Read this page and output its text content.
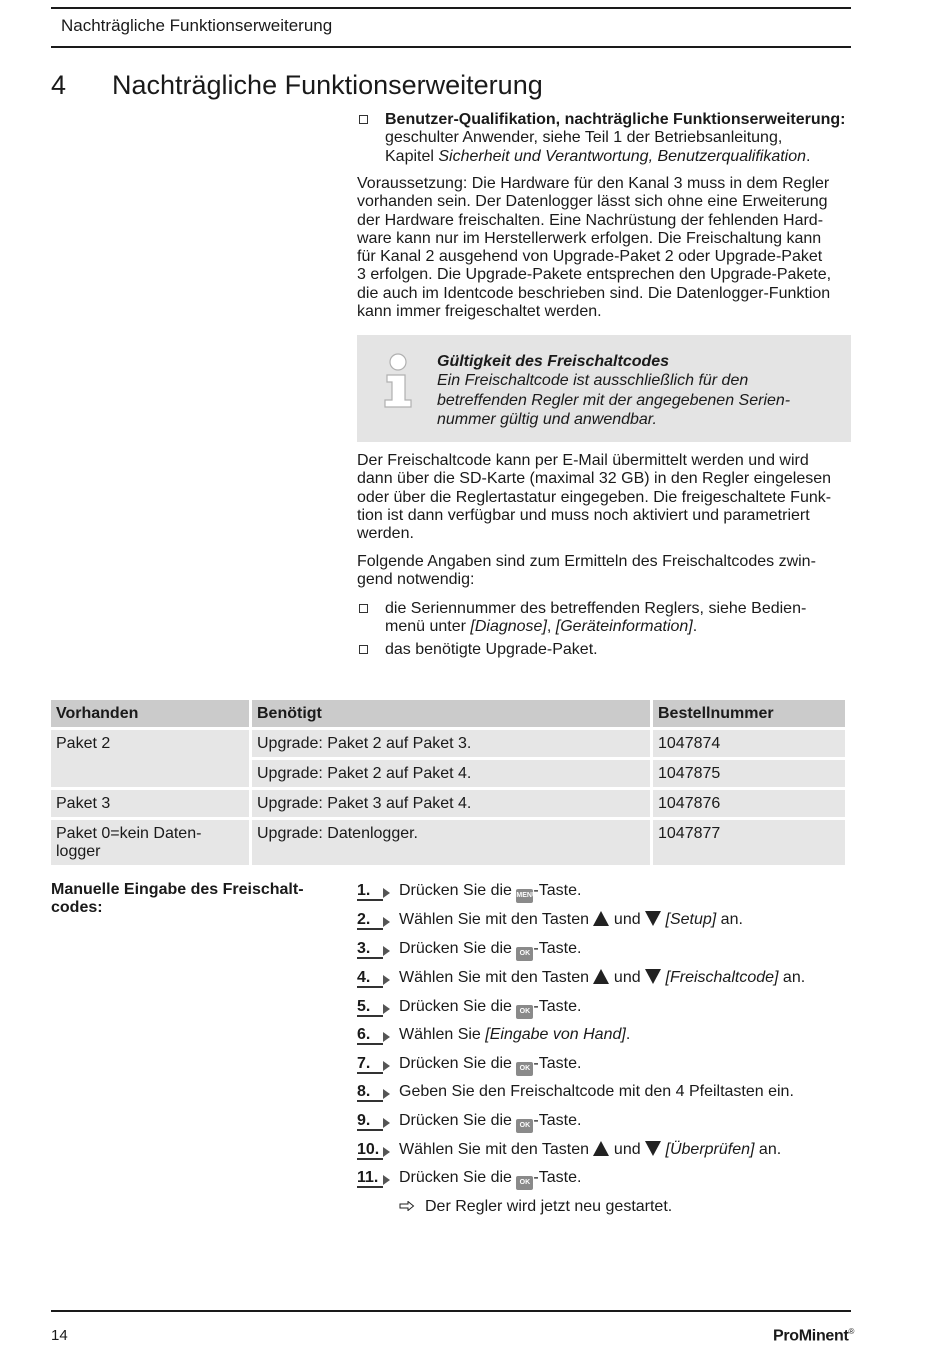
Nachträgliche Funktionserweiterung
4 Nachträgliche Funktionserweiterung
Benutzer-Qualifikation, nachträgliche Funktionserweiterung:
geschulter Anwender, siehe Teil 1 der Betriebsanleitung,
Kapitel Sicherheit und Verantwortung, Benutzerqualifikation.
Voraussetzung: Die Hardware für den Kanal 3 muss in dem Regler
vorhanden sein. Der Datenlogger lässt sich ohne eine Erweiterung
der Hardware freischalten. Eine Nachrüstung der fehlenden Hard-
ware kann nur im Herstellerwerk erfolgen. Die Freischaltung kann
für Kanal 2 ausgehend von Upgrade-Paket 2 oder Upgrade-Paket
3 erfolgen. Die Upgrade-Pakete entsprechen den Upgrade-Pakete,
die auch im Identcode beschrieben sind. Die Datenlogger-Funktion
kann immer freigeschaltet werden.
Gültigkeit des Freischaltcodes
Ein Freischaltcode ist ausschließlich für den
betreffenden Regler mit der angegebenen Serien-
nummer gültig und anwendbar.
Der Freischaltcode kann per E-Mail übermittelt werden und wird
dann über die SD-Karte (maximal 32 GB) in den Regler eingelesen
oder über die Reglertastatur eingegeben. Die freigeschaltete Funk-
tion ist dann verfügbar und muss noch aktiviert und parametriert
werden.
Folgende Angaben sind zum Ermitteln des Freischaltcodes zwin-
gend notwendig:
die Seriennummer des betreffenden Reglers, siehe Bedien-
menü unter [Diagnose], [Geräteinformation].
das benötigte Upgrade-Paket.
Vorhanden	Benötigt	Bestellnummer
Paket 2	Upgrade: Paket 2 auf Paket 3.	1047874
	Upgrade: Paket 2 auf Paket 4.	1047875
Paket 3	Upgrade: Paket 3 auf Paket 4.	1047876
Paket 0=kein Daten-
logger	Upgrade: Datenlogger.	1047877
Manuelle Eingabe des Freischalt-
codes:
1. Drücken Sie die MENU-Taste.
2. Wählen Sie mit den Tasten  und  [Setup] an.
3. Drücken Sie die OK -Taste.
4. Wählen Sie mit den Tasten  und  [Freischaltcode] an.
5. Drücken Sie die OK -Taste.
6. Wählen Sie [Eingabe von Hand].
7. Drücken Sie die OK -Taste.
8. Geben Sie den Freischaltcode mit den 4 Pfeiltasten ein.
9. Drücken Sie die OK -Taste.
10. Wählen Sie mit den Tasten  und  [Überprüfen] an.
11. Drücken Sie die OK -Taste.
Der Regler wird jetzt neu gestartet.
14	ProMinent®
